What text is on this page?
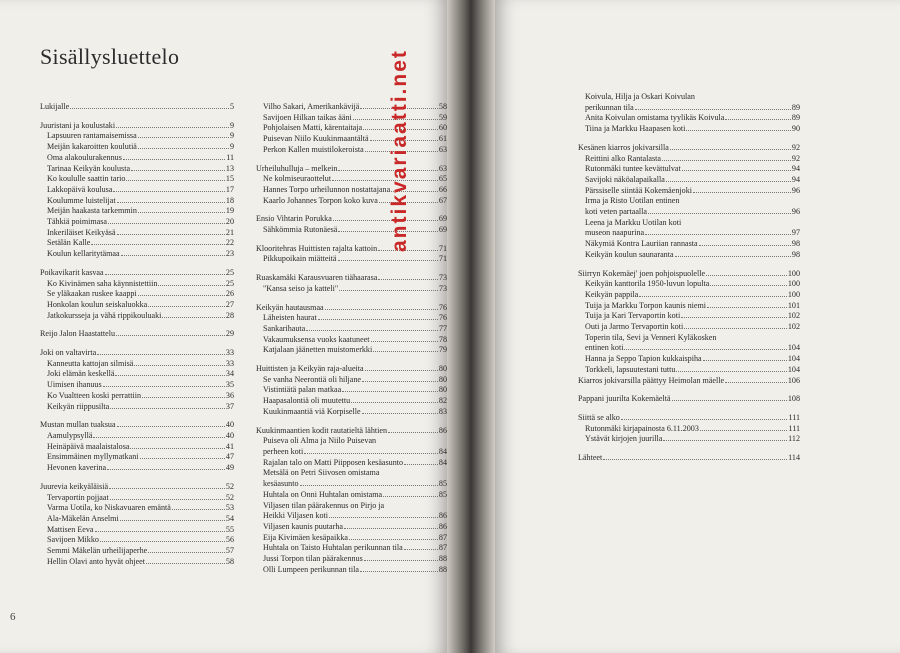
Sisällysluettelo
Lukijalle	5
Juuristani ja koulustaki	9
Lapsuuren rantamaisemissa	9
Meijän kakaroitten koulutiä	9
Oma alakoulurakennus	11
Tarinaa Keikyän koulusta	13
Ko koululle saattin tario	15
Lakkopäivä koulusa	17
Koulumme luistelijat	18
Meijän haakasta tarkemmin	19
Tähkiä poimimasa	20
Inkeriläiset Keikyäsä	21
Setälän Kalle	22
Koulun kellaritytämaa	23
Poikavikarit kasvaa	25
Ko Kivinämen saha käynnistettiin	25
Se yläkaakan ruskee kaappi	26
Honkolan koulun seiskaluokka	27
Jatkokursseja ja vähä rippikouluaki	28
Reijo Jalon Haastattelu	29
Joki on valtavirta	33
Kanneutta kattojan silmisä	33
Joki elämän keskellä	34
Uimisen ihanuus	35
Ko Vualtteen koski perrattiin	36
Keikyän riippusilta	37
Mustan mullan tuaksua	40
Aamulypsyllä	40
Heinäpäivä maalaistalosa	41
Ensimmäinen myllymatkani	47
Hevonen kaverina	49
Juurevia keikyäläisiä	52
Tervaportin pojjaat	52
Varma Uotila, ko Niskavuaren emäntä	53
Ala-Mäkelän Anselmi	54
Mattisen Eeva	55
Savijoen Mikko	56
Semmi Mäkelän urheilijaperhe	57
Hellin Olavi anto hyvät ohjeet	58
Vilho Sakari, Amerikankävijä	58
Savijoen Hilkan taikas ääni	59
Pohjolaisen Matti, kärentaitaja	60
Puisevan Niilo Kuukinmaantältä	61
Perkon Kallen muistilokeroista	63
Urheiluhulluja – melkein	63
Ne kolmiseuraottelut	65
Hannes Torpo urheilunnon nostattajana	66
Kaarlo Johannes Torpon koko kuva	67
Ensio Vihtarin Porukka	69
Sähkömmia Rutonäesä	69
Klooritehras Huittisten rajalta kattoin	71
Pikkupoikain miätteitä	71
Ruaskamäki Karausvuaren tiähaarasa	73
"Kansa seiso ja katteli"	73
Keikyän hautausmaa	76
Läheisten haurat	76
Sankarihauta	77
Vakaumuksensa vuoks kaatuneet	78
Katjalaan jäänetten muistomerkki	79
Huittisten ja Keikyän raja-alueita	80
Se vanha Neerontiä oli hiljane	80
Vistintiätä palan matkaa	80
Haapasalontiä oli muutettu	82
Kuukinmaantiä viä Korpiselle	83
Kuukinmaantien kodit rautatieltä lähtien	86
Puiseva oli Alma ja Niilo Puisevan
perheen koti	84
Rajalan talo on Matti Piipposen kesäasunto	84
Metsälä on Petri Siivosen omistama
kesäasunto	85
Huhtala on Onni Huhtalan omistama	85
Viljasen tilan päärakennus on Pirjo ja
Heikki Viljasen koti	86
Viljasen kaunis puutarha	86
Eija Kivimäen kesäpaikka	87
Huhtala on Taisto Huhtalan perikunnan tila	87
Jussi Torpon tilan päärakennus	88
Olli Lumpeen perikunnan tila	88
6
antikvariaatti.net	Koivula, Hilja ja Oskari Koivulan
perikunnan tila	89
Anita Koivulan omistama tyylikäs Koivula	89
Tiina ja Markku Haapasen koti	90
Kesänen kiarros jokivarsilla	92
Reittini alko Rantalasta	92
Rutonmäki tuntee kevättulvat	94
Savijoki näköalapaikalla	94
Pärssiselle siintää Kokemäenjoki	96
Irma ja Risto Uotilan entinen
koti veten partaalla	96
Leena ja Markku Uotilan koti
museon naapurina	97
Näkymiä Kontra Lauriian rannasta	98
Keikyän koulun saunaranta	98
Siirryn Kokemäej' joen pohjoispuolelle	100
Keikyän kanttorila 1950-luvun lopulta	100
Keikyän pappila	100
Tuija ja Markku Torpon kaunis niemi	101
Tuija ja Kari Tervaportin koti	102
Outi ja Jarmo Tervaportin koti	102
Toperin tila, Sevi ja Venneri Kyläkosken
entinen koti	104
Hanna ja Seppo Tapion kukkaispiha	104
Torkkeli, lapsuutestani tuttu	104
Kiarros jokivarsilla päättyy Heimolan mäelle	106
Pappani juurilta Kokemäeltä	108
Siittä se alko	111
Rutonmäki kirjapainosta 6.11.2003	111
Ystävät kirjojen juurilla	112
Lähteet	114
